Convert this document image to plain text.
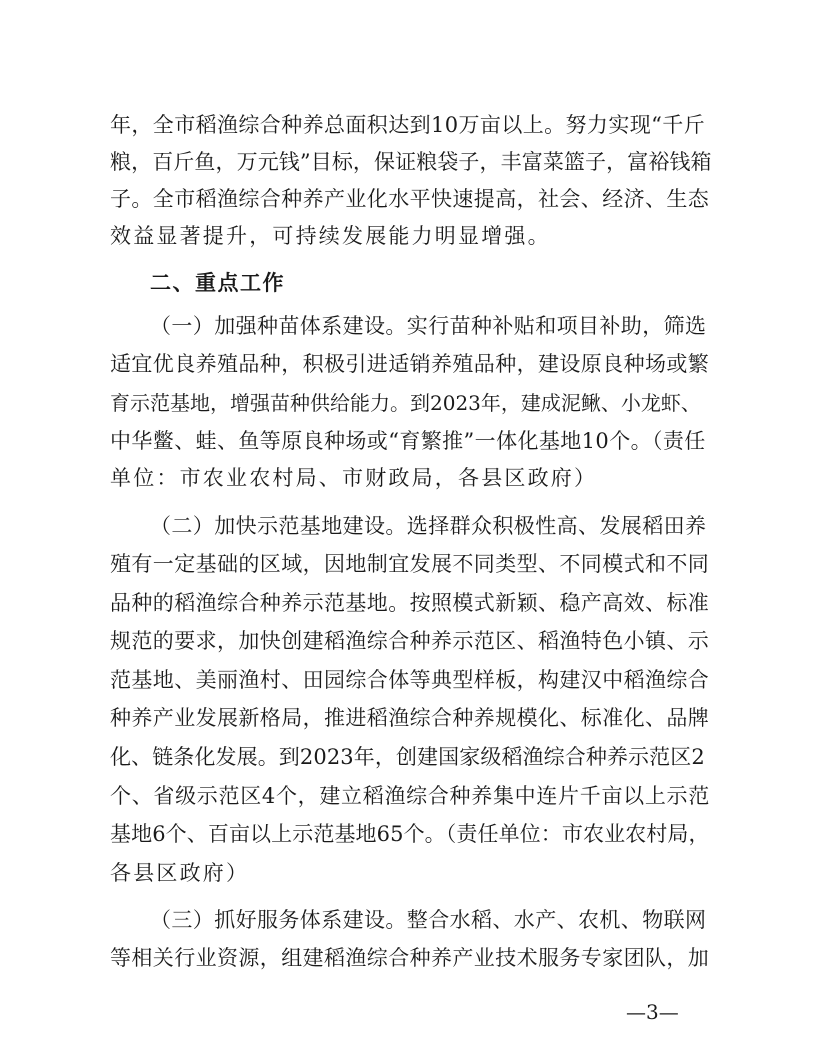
年，全市稻渔综合种养总面积达到10万亩以上。努力实现“千斤
粮，百斤鱼，万元钱”目标，保证粮袋子，丰富菜篮子，富裕钱箱
子。全市稻渔综合种养产业化水平快速提高，社会、经济、生态
效益显著提升，可持续发展能力明显增强。
二、重点工作
（一）加强种苗体系建设。实行苗种补贴和项目补助，筛选
适宜优良养殖品种，积极引进适销养殖品种，建设原良种场或繁
育示范基地，增强苗种供给能力。到2023年，建成泥鳅、小龙虾、
中华鳖、蛙、鱼等原良种场或“育繁推”一体化基地10个。（责任
单位：市农业农村局、市财政局，各县区政府）
（二）加快示范基地建设。选择群众积极性高、发展稻田养
殖有一定基础的区域，因地制宜发展不同类型、不同模式和不同
品种的稻渔综合种养示范基地。按照模式新颖、稳产高效、标准
规范的要求，加快创建稻渔综合种养示范区、稻渔特色小镇、示
范基地、美丽渔村、田园综合体等典型样板，构建汉中稻渔综合
种养产业发展新格局，推进稻渔综合种养规模化、标准化、品牌
化、链条化发展。到2023年，创建国家级稻渔综合种养示范区2
个、省级示范区4个，建立稻渔综合种养集中连片千亩以上示范
基地6个、百亩以上示范基地65个。（责任单位：市农业农村局，
各县区政府）
（三）抓好服务体系建设。整合水稻、水产、农机、物联网
等相关行业资源，组建稻渔综合种养产业技术服务专家团队，加
—3—
